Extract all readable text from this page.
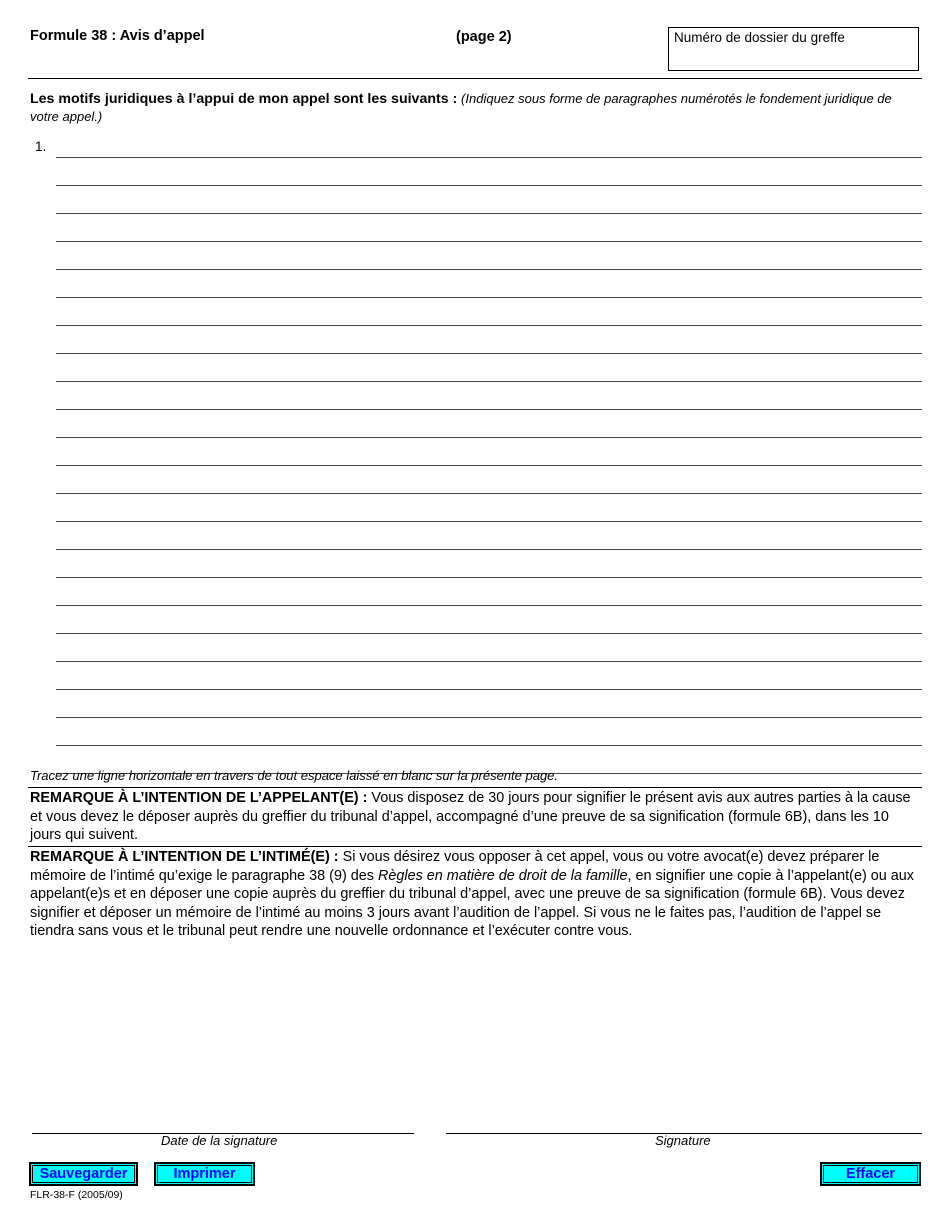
Formule 38 : Avis d’appel	(page 2)	Numéro de dossier du greffe
Les motifs juridiques à l’appui de mon appel sont les suivants : (Indiquez sous forme de paragraphes numérotés le fondement juridique de votre appel.)
1.
Tracez une ligne horizontale en travers de tout espace laissé en blanc sur la présente page.
REMARQUE À L’INTENTION DE L’APPELANT(E) : Vous disposez de 30 jours pour signifier le présent avis aux autres parties à la cause et vous devez le déposer auprès du greffier du tribunal d’appel, accompagné d’une preuve de sa signification (formule 6B), dans les 10 jours qui suivent.
REMARQUE À L’INTENTION DE L’INTIMÉ(E) : Si vous désirez vous opposer à cet appel, vous ou votre avocat(e) devez préparer le mémoire de l’intimé qu’exige le paragraphe 38 (9) des Règles en matière de droit de la famille, en signifier une copie à l’appelant(e) ou aux appelant(e)s et en déposer une copie auprès du greffier du tribunal d’appel, avec une preuve de sa signification (formule 6B). Vous devez signifier et déposer un mémoire de l’intimé au moins 3 jours avant l’audition de l’appel. Si vous ne le faites pas, l’audition de l’appel se tiendra sans vous et le tribunal peut rendre une nouvelle ordonnance et l’exécuter contre vous.
Date de la signature	Signature
Sauvegarder	Imprimer	Effacer
FLR-38-F (2005/09)
